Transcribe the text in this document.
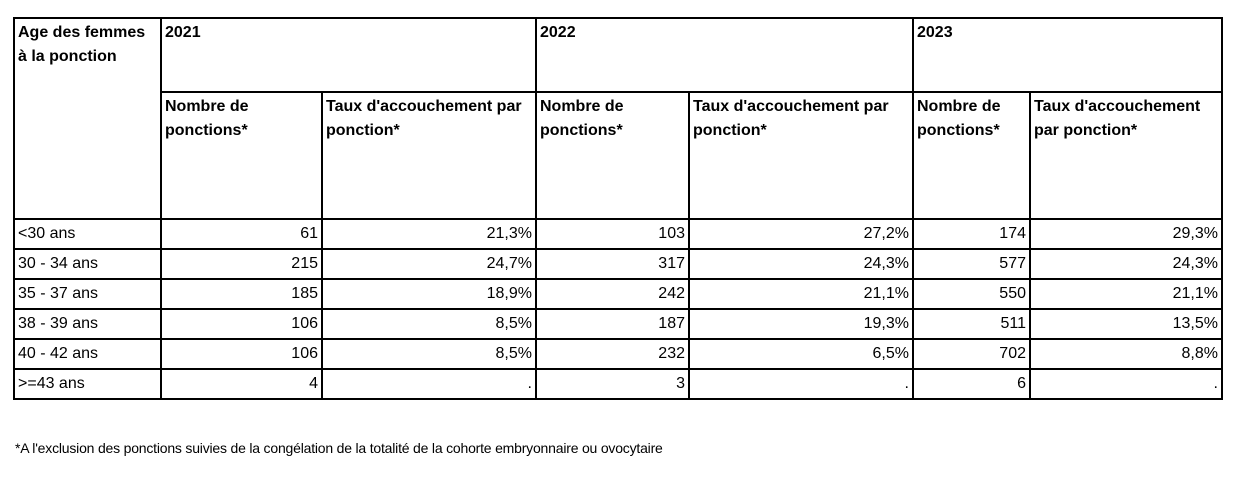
Age des femmes à la ponction	2021		2022		2023	
	Nombre de ponctions*	Taux d'accouchement par ponction*	Nombre de ponctions*	Taux d'accouchement par ponction*	Nombre de ponctions*	Taux d'accouchement par ponction*
<30 ans	61	21,3%	103	27,2%	174	29,3%
30 - 34 ans	215	24,7%	317	24,3%	577	24,3%
35 - 37 ans	185	18,9%	242	21,1%	550	21,1%
38 - 39 ans	106	8,5%	187	19,3%	511	13,5%
40 - 42 ans	106	8,5%	232	6,5%	702	8,8%
>=43 ans	4	.	3	.	6	.
*A l'exclusion des ponctions suivies de la congélation de la totalité de la cohorte embryonnaire ou ovocytaire
